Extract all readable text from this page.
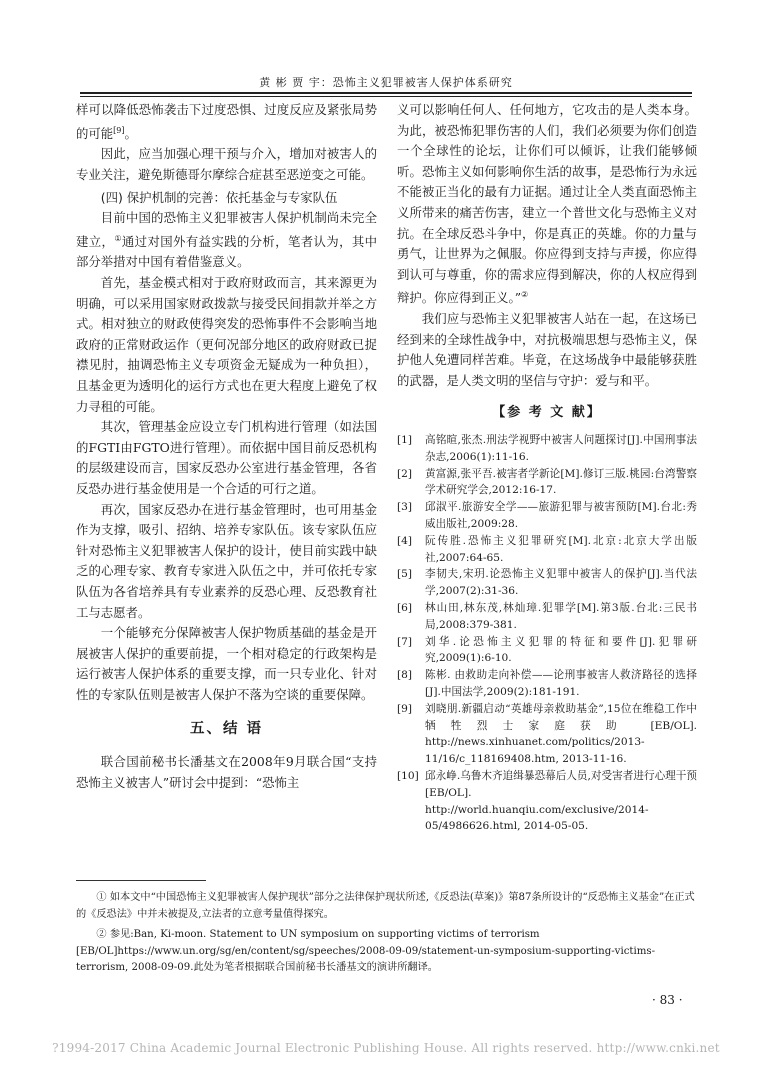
黄 彬 贾 宇：恐怖主义犯罪被害人保护体系研究

样可以降低恐怖袭击下过度恐惧、过度反应及紧张局势的可能[9]。

因此，应当加强心理干预与介入，增加对被害人的专业关注，避免斯德哥尔摩综合症甚至恶逆变之可能。

(四) 保护机制的完善：依托基金与专家队伍

目前中国的恐怖主义犯罪被害人保护机制尚未完全建立，①通过对国外有益实践的分析，笔者认为，其中部分举措对中国有着借鉴意义。

首先，基金模式相对于政府财政而言，其来源更为明确，可以采用国家财政拨款与接受民间捐款并举之方式。相对独立的财政使得突发的恐怖事件不会影响当地政府的正常财政运作（更何况部分地区的政府财政已捉襟见肘，抽调恐怖主义专项资金无疑成为一种负担），且基金更为透明化的运行方式也在更大程度上避免了权力寻租的可能。

其次，管理基金应设立专门机构进行管理（如法国的FGTI由FGTO进行管理）。而依据中国目前反恐机构的层级建设而言，国家反恐办公室进行基金管理，各省反恐办进行基金使用是一个合适的可行之道。

再次，国家反恐办在进行基金管理时，也可用基金作为支撑，吸引、招纳、培养专家队伍。该专家队伍应针对恐怖主义犯罪被害人保护的设计，使目前实践中缺乏的心理专家、教育专家进入队伍之中，并可依托专家队伍为各省培养具有专业素养的反恐心理、反恐教育社工与志愿者。

一个能够充分保障被害人保护物质基础的基金是开展被害人保护的重要前提，一个相对稳定的行政架构是运行被害人保护体系的重要支撑，而一只专业化、针对性的专家队伍则是被害人保护不落为空谈的重要保障。

五、结 语

联合国前秘书长潘基文在2008年9月联合国“支持恐怖主义被害人”研讨会中提到：“恐怖主

义可以影响任何人、任何地方，它攻击的是人类本身。为此，被恐怖犯罪伤害的人们，我们必须要为你们创造一个全球性的论坛，让你们可以倾诉，让我们能够倾听。恐怖主义如何影响你生活的故事，是恐怖行为永远不能被正当化的最有力证据。通过让全人类直面恐怖主义所带来的痛苦伤害，建立一个普世文化与恐怖主义对抗。在全球反恐斗争中，你是真正的英雄。你的力量与勇气，让世界为之佩服。你应得到支持与声援，你应得到认可与尊重，你的需求应得到解决，你的人权应得到辩护。你应得到正义。”②

我们应与恐怖主义犯罪被害人站在一起，在这场已经到来的全球性战争中，对抗极端思想与恐怖主义，保护他人免遭同样苦难。毕竟，在这场战争中最能够获胜的武器，是人类文明的坚信与守护：爱与和平。

【参 考 文 献】

[1]	高铭暄,张杰.刑法学视野中被害人问题探讨[J].中国刑事法杂志,2006(1):11-16.

[2]	黄富源,张平吾.被害者学新论[M].修订三版.桃园:台湾警察学术研究学会,2012:16-17.

[3]	邱淑平.旅游安全学——旅游犯罪与被害预防[M].台北:秀威出版社,2009:28.

[4]	阮传胜.恐怖主义犯罪研究[M].北京:北京大学出版社,2007:64-65.

[5]	李韧夫,宋玥.论恐怖主义犯罪中被害人的保护[J].当代法学,2007(2):31-36.

[6]	林山田,林东茂,林灿璋.犯罪学[M].第3版.台北:三民书局,2008:379-381.

[7]	刘华.论恐怖主义犯罪的特征和要件[J].犯罪研究,2009(1):6-10.

[8]	陈彬. 由救助走向补偿——论刑事被害人救济路径的选择[J].中国法学,2009(2):181-191.

[9]	刘晓朋.新疆启动“英雄母亲救助基金”,15位在维稳工作中牺牲烈士家庭获助 [EB/OL]. http://news.xinhuanet.com/politics/2013-11/16/c_118169408.htm, 2013-11-16.

[10] 邱永峥.乌鲁木齐追缉暴恐幕后人员,对受害者进行心理干预[EB/OL]. http://world.huanqiu.com/exclusive/2014-05/4986626.html, 2014-05-05.

① 如本文中“中国恐怖主义犯罪被害人保护现状”部分之法律保护现状所述,《反恐法(草案)》第87条所设计的“反恐怖主义基金”在正式的《反恐法》中并未被提及,立法者的立意考量值得探究。

② 参见:Ban, Ki-moon. Statement to UN symposium on supporting victims of terrorism [EB/OL]https://www.un.org/sg/en/content/sg/speeches/2008-09-09/statement-un-symposium-supporting-victims-terrorism, 2008-09-09.此处为笔者根据联合国前秘书长潘基文的演讲所翻译。

· 83 ·
?1994-2017 China Academic Journal Electronic Publishing House. All rights reserved. http://www.cnki.net
